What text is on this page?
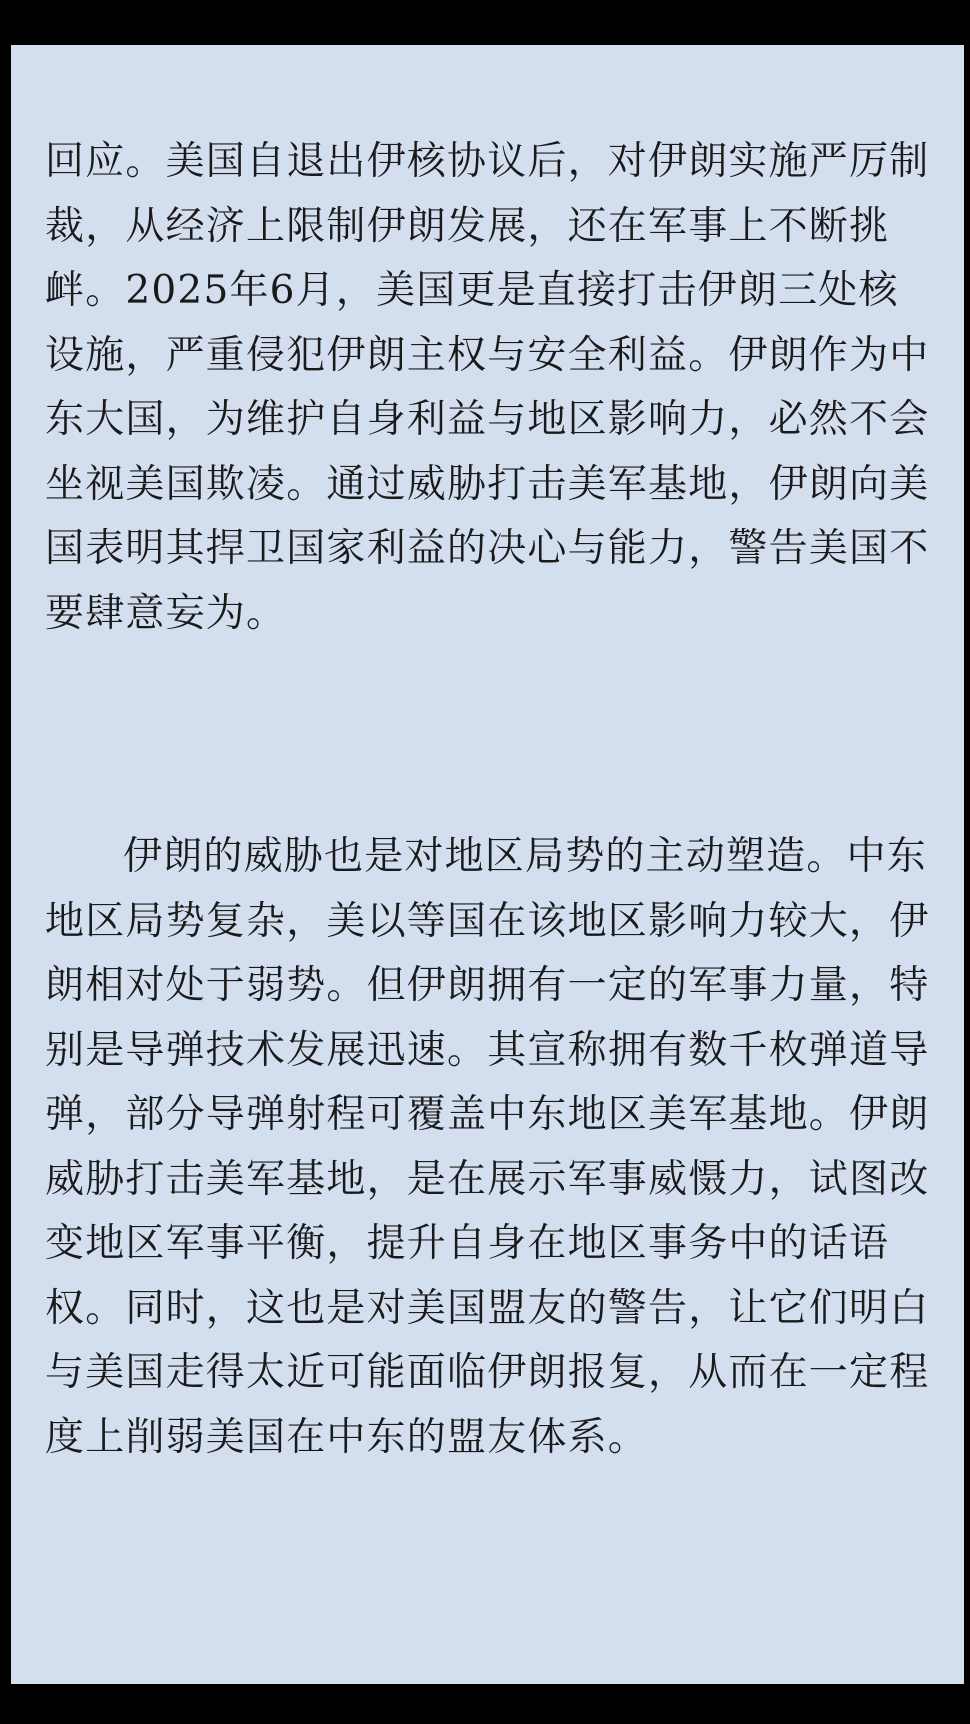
回应。美国自退出伊核协议后，对伊朗实施严厉制裁，从经济上限制伊朗发展，还在军事上不断挑衅。2025年6月，美国更是直接打击伊朗三处核设施，严重侵犯伊朗主权与安全利益。伊朗作为中东大国，为维护自身利益与地区影响力，必然不会坐视美国欺凌。通过威胁打击美军基地，伊朗向美国表明其捍卫国家利益的决心与能力，警告美国不要肆意妄为。

伊朗的威胁也是对地区局势的主动塑造。中东地区局势复杂，美以等国在该地区影响力较大，伊朗相对处于弱势。但伊朗拥有一定的军事力量，特别是导弹技术发展迅速。其宣称拥有数千枚弹道导弹，部分导弹射程可覆盖中东地区美军基地。伊朗威胁打击美军基地，是在展示军事威慑力，试图改变地区军事平衡，提升自身在地区事务中的话语权。同时，这也是对美国盟友的警告，让它们明白与美国走得太近可能面临伊朗报复，从而在一定程度上削弱美国在中东的盟友体系。
